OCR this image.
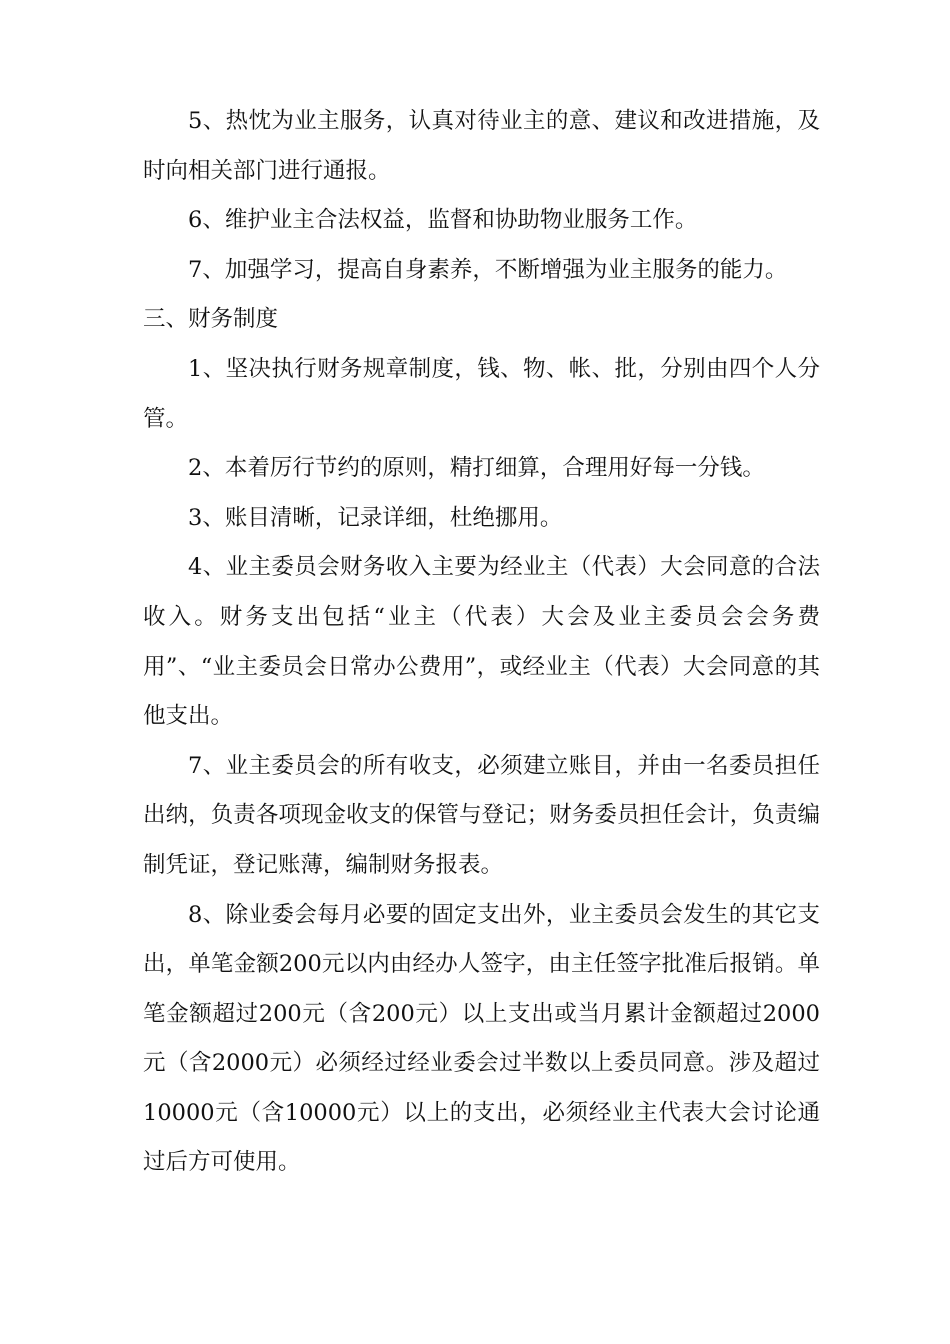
5、热忱为业主服务，认真对待业主的意、建议和改进措施，及时向相关部门进行通报。

6、维护业主合法权益，监督和协助物业服务工作。

7、加强学习，提高自身素养，不断增强为业主服务的能力。

三、财务制度

1、坚决执行财务规章制度，钱、物、帐、批，分别由四个人分管。

2、本着厉行节约的原则，精打细算，合理用好每一分钱。

3、账目清晰，记录详细，杜绝挪用。

4、业主委员会财务收入主要为经业主（代表）大会同意的合法收入。财务支出包括“业主（代表）大会及业主委员会会务费用”、“业主委员会日常办公费用”，或经业主（代表）大会同意的其他支出。

7、业主委员会的所有收支，必须建立账目，并由一名委员担任出纳，负责各项现金收支的保管与登记；财务委员担任会计，负责编制凭证，登记账薄，编制财务报表。

8、除业委会每月必要的固定支出外，业主委员会发生的其它支出，单笔金额200元以内由经办人签字，由主任签字批准后报销。单笔金额超过200元（含200元）以上支出或当月累计金额超过2000元（含2000元）必须经过经业委会过半数以上委员同意。涉及超过10000元（含10000元）以上的支出，必须经业主代表大会讨论通过后方可使用。
